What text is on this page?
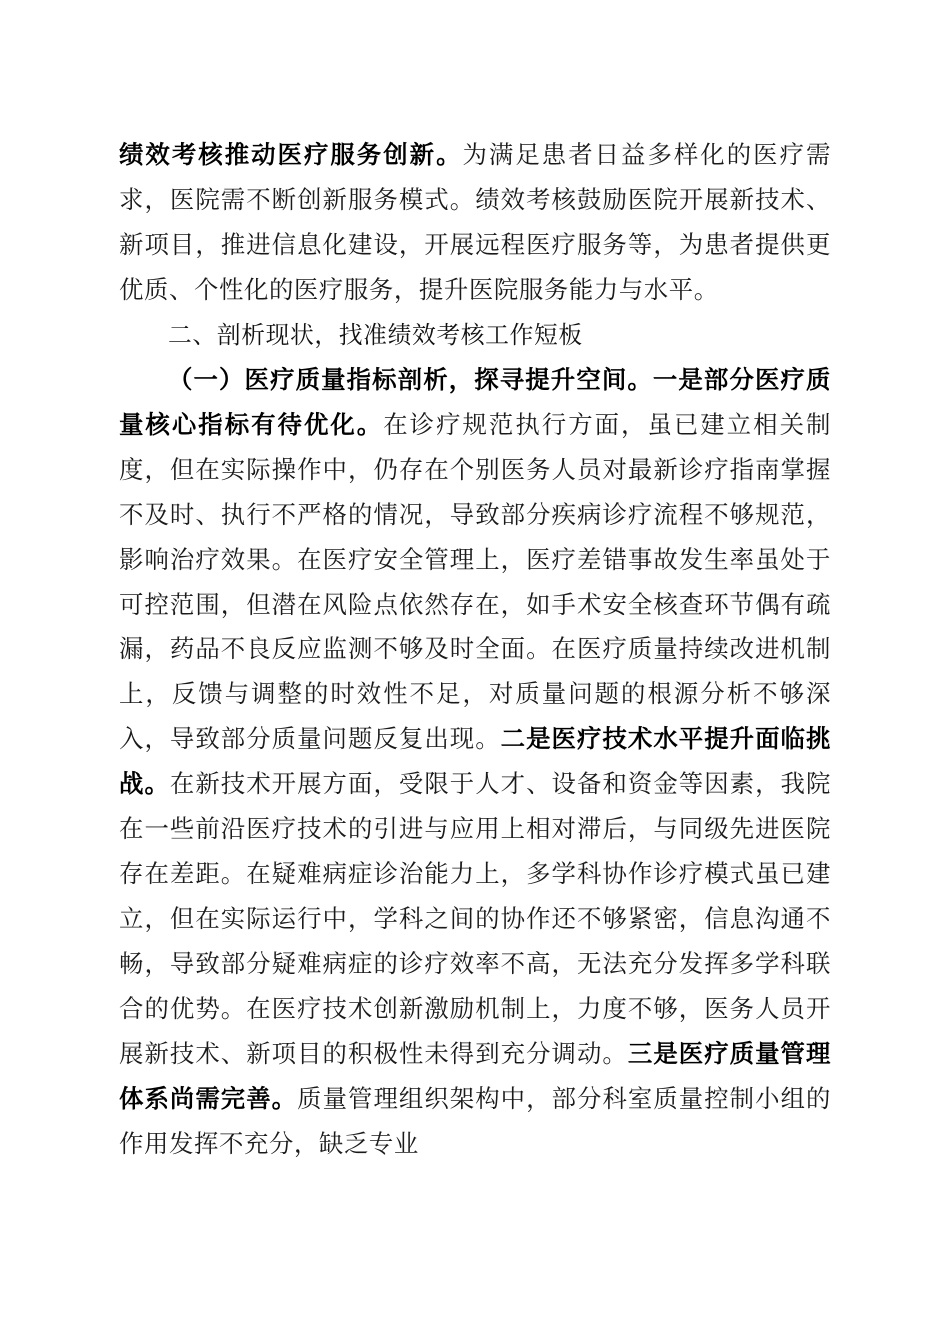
绩效考核推动医疗服务创新。为满足患者日益多样化的医疗需求，医院需不断创新服务模式。绩效考核鼓励医院开展新技术、新项目，推进信息化建设，开展远程医疗服务等，为患者提供更优质、个性化的医疗服务，提升医院服务能力与水平。

二、剖析现状，找准绩效考核工作短板

（一）医疗质量指标剖析，探寻提升空间。一是部分医疗质量核心指标有待优化。在诊疗规范执行方面，虽已建立相关制度，但在实际操作中，仍存在个别医务人员对最新诊疗指南掌握不及时、执行不严格的情况，导致部分疾病诊疗流程不够规范，影响治疗效果。在医疗安全管理上，医疗差错事故发生率虽处于可控范围，但潜在风险点依然存在，如手术安全核查环节偶有疏漏，药品不良反应监测不够及时全面。在医疗质量持续改进机制上，反馈与调整的时效性不足，对质量问题的根源分析不够深入，导致部分质量问题反复出现。二是医疗技术水平提升面临挑战。在新技术开展方面，受限于人才、设备和资金等因素，我院在一些前沿医疗技术的引进与应用上相对滞后，与同级先进医院存在差距。在疑难病症诊治能力上，多学科协作诊疗模式虽已建立，但在实际运行中，学科之间的协作还不够紧密，信息沟通不畅，导致部分疑难病症的诊疗效率不高，无法充分发挥多学科联合的优势。在医疗技术创新激励机制上，力度不够，医务人员开展新技术、新项目的积极性未得到充分调动。三是医疗质量管理体系尚需完善。质量管理组织架构中，部分科室质量控制小组的作用发挥不充分，缺乏专业
